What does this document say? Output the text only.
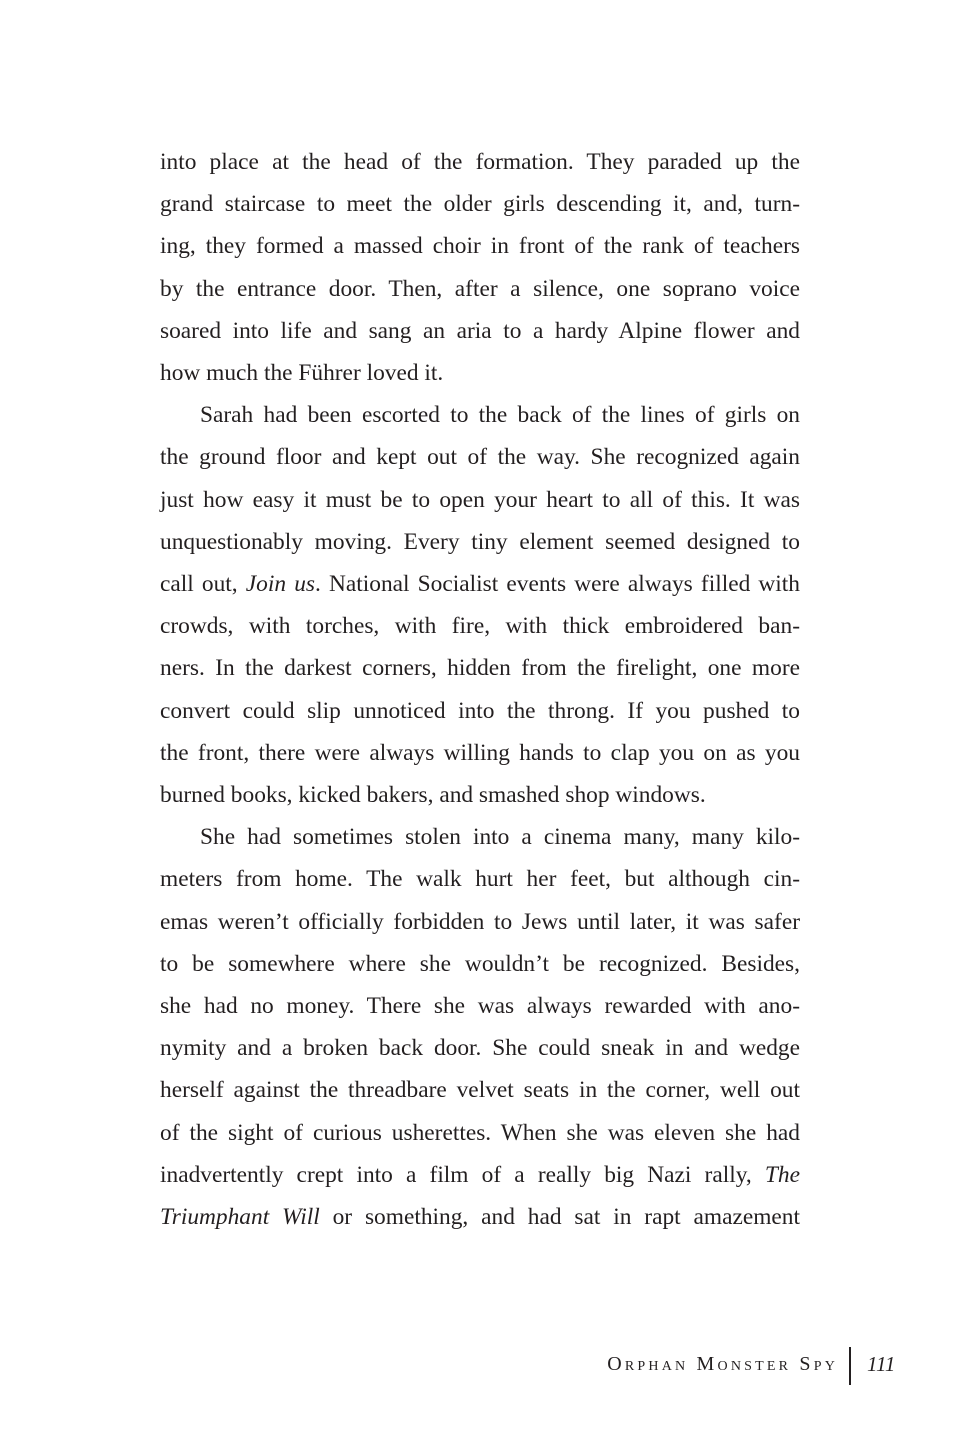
into place at the head of the formation. They paraded up the
grand staircase to meet the older girls descending it, and, turn-
ing, they formed a massed choir in front of the rank of teachers
by the entrance door. Then, after a silence, one soprano voice
soared into life and sang an aria to a hardy Alpine flower and
how much the Führer loved it.
Sarah had been escorted to the back of the lines of girls on
the ground floor and kept out of the way. She recognized again
just how easy it must be to open your heart to all of this. It was
unquestionably moving. Every tiny element seemed designed to
call out, Join us. National Socialist events were always filled with
crowds, with torches, with fire, with thick embroidered ban-
ners. In the darkest corners, hidden from the firelight, one more
convert could slip unnoticed into the throng. If you pushed to
the front, there were always willing hands to clap you on as you
burned books, kicked bakers, and smashed shop windows.
She had sometimes stolen into a cinema many, many kilo-
meters from home. The walk hurt her feet, but although cin-
emas weren’t officially forbidden to Jews until later, it was safer
to be somewhere where she wouldn’t be recognized. Besides,
she had no money. There she was always rewarded with ano-
nymity and a broken back door. She could sneak in and wedge
herself against the threadbare velvet seats in the corner, well out
of the sight of curious usherettes. When she was eleven she had
inadvertently crept into a film of a really big Nazi rally, The
Triumphant Will or something, and had sat in rapt amazement
Orphan Monster Spy 111
